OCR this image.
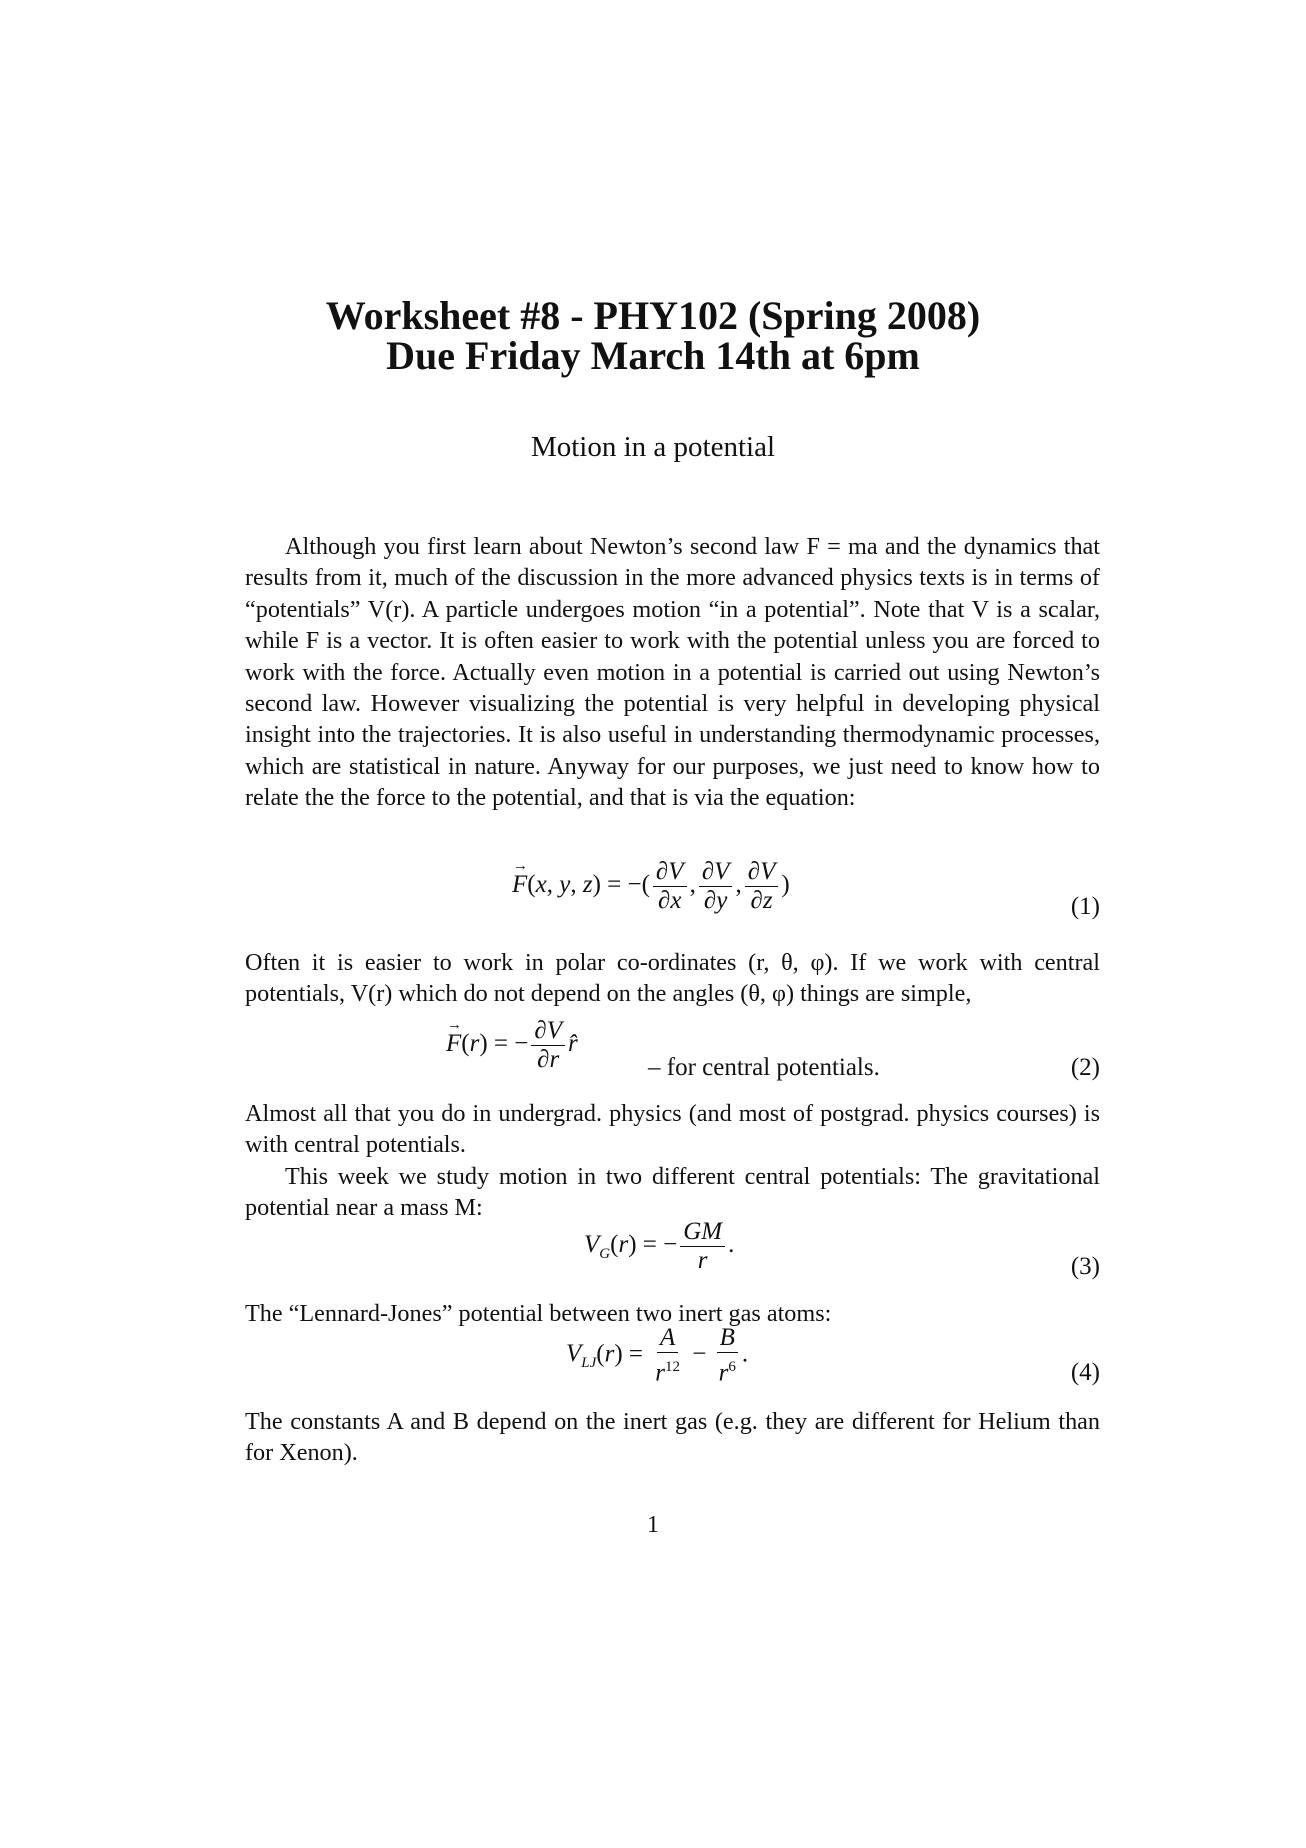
Worksheet #8 - PHY102 (Spring 2008)
Due Friday March 14th at 6pm
Motion in a potential
Although you first learn about Newton’s second law F = ma and the dynamics that results from it, much of the discussion in the more advanced physics texts is in terms of “potentials” V(r). A particle undergoes motion “in a potential”. Note that V is a scalar, while F is a vector. It is often easier to work with the potential unless you are forced to work with the force. Actually even motion in a potential is carried out using Newton’s second law. However visualizing the potential is very helpful in developing physical insight into the trajectories. It is also useful in understanding thermodynamic processes, which are statistical in nature. Anyway for our purposes, we just need to know how to relate the the force to the potential, and that is via the equation:
→ F(x, y, z) = −( $\frac{\partial V}{\partial x}$ , $\frac{\partial V}{\partial y}$ , $\frac{\partial V}{\partial z}$ )
(1)
Often it is easier to work in polar co-ordinates (r, θ, φ). If we work with central potentials, V(r) which do not depend on the angles (θ, φ) things are simple,
→ F(r) = − $\frac{\partial V}{\partial r}$ r̂
– for central potentials.	(2)
Almost all that you do in undergrad. physics (and most of postgrad. physics courses) is with central potentials.
This week we study motion in two different central potentials: The gravitational potential near a mass M:
$V_G(r)$ = − $\frac{GM}{r}$ .
(3)
The “Lennard-Jones” potential between two inert gas atoms:
$V_{LJ}(r) = \frac{A}{r^{12}} - \frac{B}{r^6}$ .
(4)
The constants A and B depend on the inert gas (e.g. they are different for Helium than for Xenon).
1
